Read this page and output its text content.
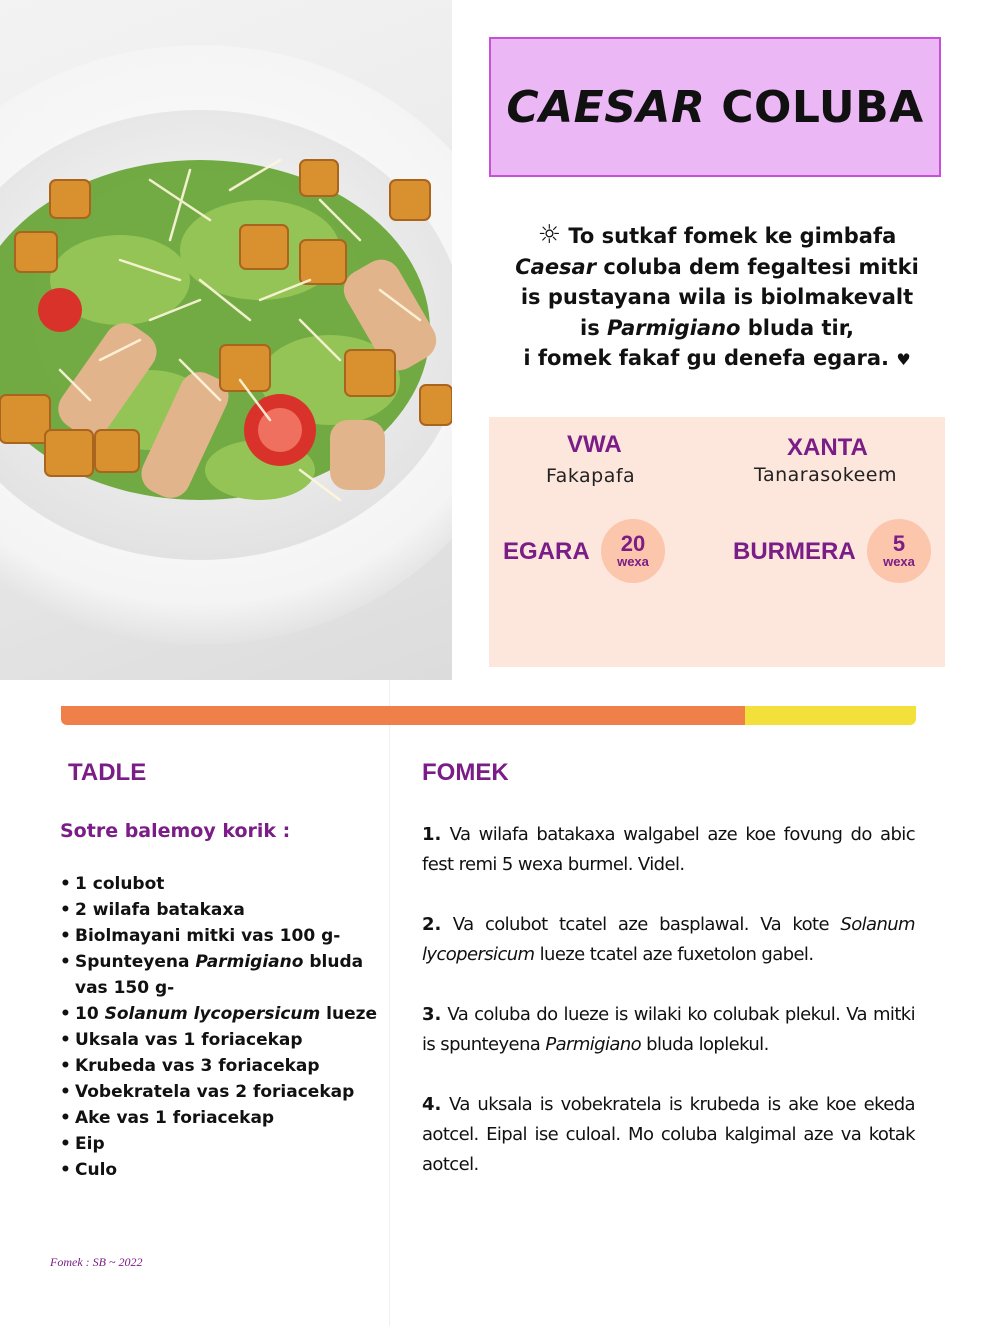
CAESAR COLUBA
☼ To sutkaf fomek ke gimbafa
Caesar coluba dem fegaltesi mitki
is pustayana wila is biolmakevalt
is Parmigiano bluda tir,
i fomek fakaf gu denefa egara. ♥
VWA
Fakapafa
XANTA
Tanarasokeem
EGARA 20
wexa	BURMERA 5
wexa
TADLE
Sotre balemoy korik :
• 1 colubot
• 2 wilafa batakaxa
• Biolmayani mitki vas 100 g-
• Spunteyena Parmigiano bluda vas 150 g-
• 10 Solanum lycopersicum lueze
• Uksala vas 1 foriacekap
• Krubeda vas 3 foriacekap
• Vobekratela vas 2 foriacekap
• Ake vas 1 foriacekap
• Eip
• Culo
FOMEK

1. Va wilafa batakaxa walgabel aze koe fovung do abic fest remi 5 wexa burmel. Videl.

2. Va colubot tcatel aze basplawal. Va kote Solanum lycopersicum lueze tcatel aze fuxetolon gabel.

3. Va coluba do lueze is wilaki ko colubak plekul. Va mitki is spunteyena Parmigiano bluda loplekul.

4. Va uksala is vobekratela is krubeda is ake koe ekeda aotcel. Eipal ise culoal. Mo coluba kalgimal aze va kotak aotcel.

Fomek : SB ~ 2022
